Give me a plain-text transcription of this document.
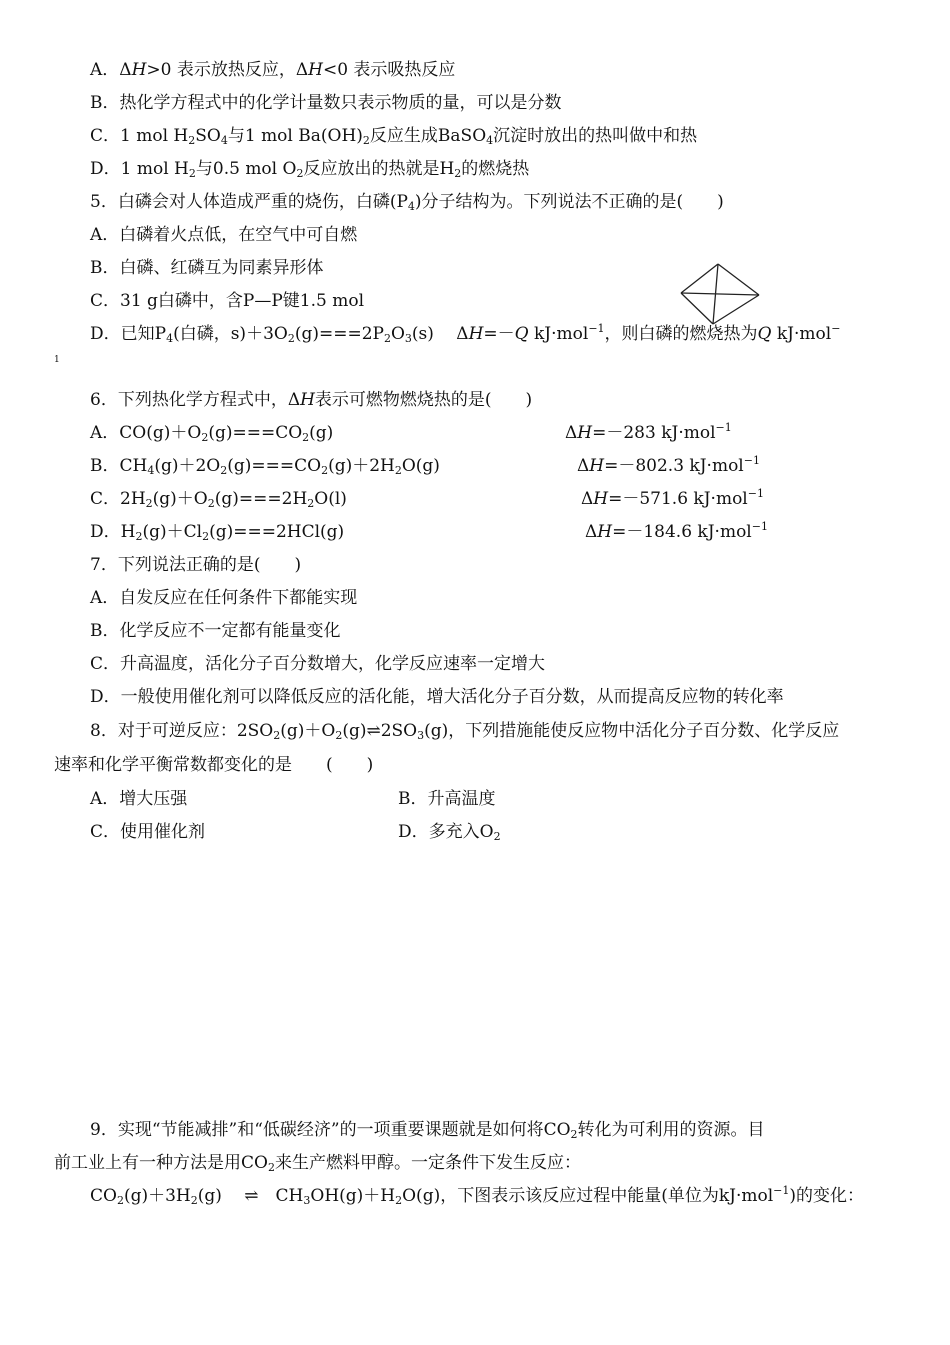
A．ΔH>0 表示放热反应，ΔH<0 表示吸热反应
B．热化学方程式中的化学计量数只表示物质的量，可以是分数
C．1 mol $H_2SO_4$与1 mol $Ba(OH)_2$反应生成BaSO$_4$沉淀时放出的热叫做中和热
D．1 mol $H_2$与0.5 mol $O_2$反应放出的热就是$H_2$的燃烧热
5．白磷会对人体造成严重的烧伤，白磷$(P_4)$分子结构为。下列说法不正确的是(　　)
A．白磷着火点低，在空气中可自燃
B．白磷、红磷互为同素异形体
C．31 g白磷中，含P—P键1.5 mol
D．已知$P_4$(白磷，$s)+3O_2(g)===2P_2O_3(s)$　 ΔH=－Q kJ·mol$^{-1}$，则白磷的燃烧热为Q kJ·mol−
1
6．下列热化学方程式中，ΔH表示可燃物燃烧热的是(　　)
A．$CO(g)+O_2(g)===CO_2(g)$	ΔH=－283 kJ·mol$^{-1}$
B．$CH_4(g)+2O_2(g)===CO_2(g)+2H_2O(g)$	ΔH=－802.3 kJ·mol$^{-1}$
C．$2H_2(g)+O_2(g)===2H_2O(l)$	ΔH=－571.6 kJ·mol$^{-1}$
D．$H_2(g)+Cl_2(g)===2HCl(g)$	ΔH=－184.6 kJ·mol$^{-1}$
7．下列说法正确的是(　　)
A．自发反应在任何条件下都能实现
B．化学反应不一定都有能量变化
C．升高温度，活化分子百分数增大，化学反应速率一定增大
D．一般使用催化剂可以降低反应的活化能，增大活化分子百分数，从而提高反应物的转化率
8．对于可逆反应：$2SO_2(g)+O_2(g)\rightleftharpoons 2SO_3(g)$，下列措施能使反应物中活化分子百分数、化学反应
速率和化学平衡常数都变化的是　　(　　)
A．增大压强	B．升高温度
C．使用催化剂	D．多充入$O_2$
9．实现“节能减排”和“低碳经济”的一项重要课题就是如何将$CO_2$转化为可利用的资源。目
前工业上有一种方法是用$CO_2$来生产燃料甲醇。一定条件下发生反应：
$CO_2(g)+3H_2(g)$　 ⇌　$CH_3OH(g)+H_2O(g)$，下图表示该反应过程中能量(单位为kJ·mol$^{-1}$)的变化：
